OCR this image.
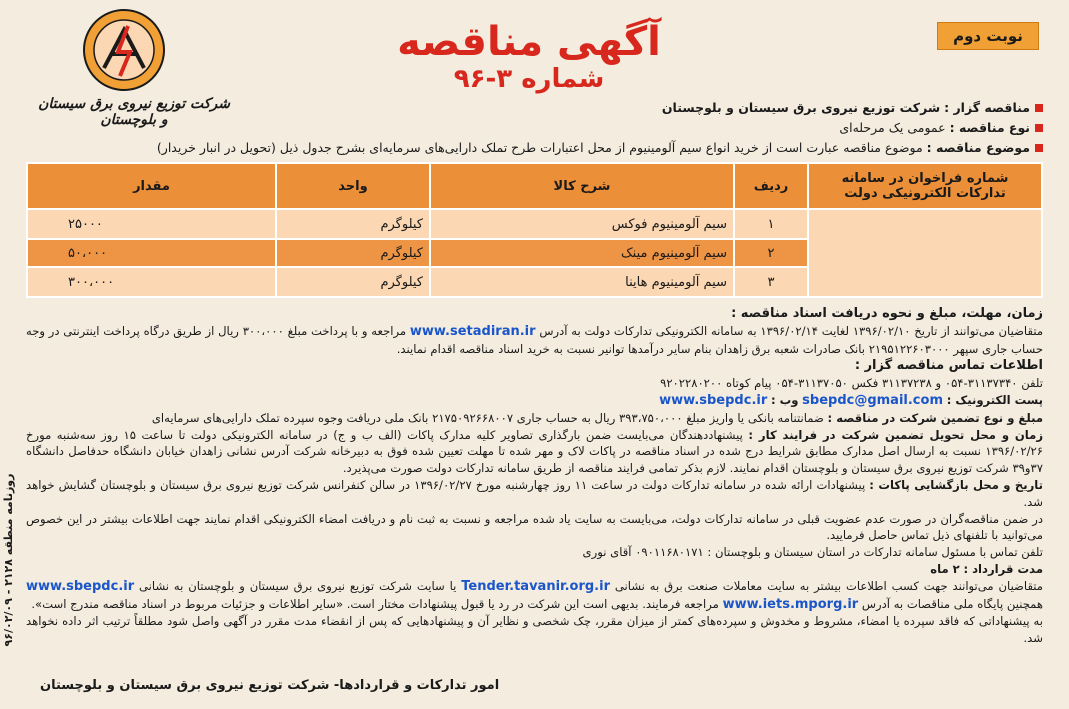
نوبت دوم
آگهی مناقصه
شماره ۳-۹۶
شرکت توزیع نیروی برق سیستان و بلوچستان
مناقصه گزار : شرکت توزیع نیروی برق سیستان و بلوچستان
نوع مناقصه : عمومی یک مرحله‌ای
موضوع مناقصه : موضوع مناقصه عبارت است از خرید انواع سیم آلومینیوم از محل اعتبارات طرح تملک دارایی‌های سرمایه‌ای بشرح جدول ذیل (تحویل در انبار خریدار)
شماره فراخوان در سامانه تدارکات الکترونیکی دولت	ردیف	شرح کالا	واحد	مقدار
	۱	سیم آلومینیوم فوکس	کیلوگرم	۲۵۰۰۰
	۲	سیم آلومینیوم مینک	کیلوگرم	۵۰،۰۰۰
	۳	سیم آلومینیوم هاینا	کیلوگرم	۳۰۰،۰۰۰

زمان، مهلت، مبلغ و نحوه دریافت اسناد مناقصه :

متقاضیان می‌توانند از تاریخ ۱۳۹۶/۰۲/۱۰ لغایت ۱۳۹۶/۰۲/۱۴ به سامانه الکترونیکی تدارکات دولت به آدرس www.setadiran.ir مراجعه و با پرداخت مبلغ ۳۰۰،۰۰۰ ریال از طریق درگاه پرداخت اینترنتی در وجه حساب جاری سپهر ۲۱۹۵۱۲۲۶۰۳۰۰۰ بانک صادرات شعبه برق زاهدان بنام سایر درآمدها توانیر نسبت به خرید اسناد مناقصه اقدام نمایند.

اطلاعات تماس مناقصه گزار :

تلفن ۳۱۱۳۷۳۴۰-۰۵۴ و ۳۱۱۳۷۲۳۸ فکس ۳۱۱۳۷۰۵۰-۰۵۴ پیام کوتاه ۹۲۰۲۲۸۰۲۰۰

پست الکترونیک : sbepdc@gmail.com وب : www.sbepdc.ir

مبلغ و نوع تضمین شرکت در مناقصه : ضمانتنامه بانکی یا واریز مبلغ ۳۹۳،۷۵۰،۰۰۰ ریال به حساب جاری ۲۱۷۵۰۹۲۶۶۸۰۰۷ بانک ملی دریافت وجوه سپرده تملک دارایی‌های سرمایه‌ای

زمان و محل تحویل تضمین شرکت در فرایند کار : پیشنهاددهندگان می‌بایست ضمن بارگذاری تصاویر کلیه مدارک پاکات (الف ب و ج) در سامانه الکترونیکی دولت تا ساعت ۱۵ روز سه‌شنبه مورخ ۱۳۹۶/۰۲/۲۶ نسبت به ارسال اصل مدارک مطابق شرایط درج شده در اسناد مناقصه در پاکات لاک و مهر شده تا مهلت تعیین شده فوق به دبیرخانه شرکت آدرس نشانی زاهدان خیابان دانشگاه حدفاصل دانشگاه ۳۷و۳۹ شرکت توزیع نیروی برق سیستان و بلوچستان اقدام نمایند. لازم بذکر تمامی فرایند مناقصه از طریق سامانه تدارکات دولت صورت می‌پذیرد.

تاریخ و محل بازگشایی پاکات : پیشنهادات ارائه شده در سامانه تدارکات دولت در ساعت ۱۱ روز چهارشنبه مورخ ۱۳۹۶/۰۲/۲۷ در سالن کنفرانس شرکت توزیع نیروی برق سیستان و بلوچستان گشایش خواهد شد.

در ضمن مناقصه‌گران در صورت عدم عضویت قبلی در سامانه تدارکات دولت، می‌بایست به سایت یاد شده مراجعه و نسبت به ثبت نام و دریافت امضاء الکترونیکی اقدام نمایند جهت اطلاعات بیشتر در این خصوص می‌توانید با تلفنهای ذیل تماس حاصل فرمایید.

تلفن تماس با مسئول سامانه تدارکات در استان سیستان و بلوچستان : ۰۹۰۱۱۶۸۰۱۷۱ آقای نوری

مدت قرارداد : ۲ ماه

متقاضیان می‌توانند جهت کسب اطلاعات بیشتر به سایت معاملات صنعت برق به نشانی Tender.tavanir.org.ir یا سایت شرکت توزیع نیروی برق سیستان و بلوچستان به نشانی www.sbepdc.ir همچنین پایگاه ملی مناقصات به آدرس www.iets.mporg.ir مراجعه فرمایند. بدیهی است این شرکت در رد یا قبول پیشنهادات مختار است. «سایر اطلاعات و جزئیات مربوط در اسناد مناقصه مندرج است».

به پیشنهاداتی که فاقد سپرده یا امضاء، مشروط و مخدوش و سپرده‌های کمتر از میزان مقرر، چک شخصی و نظایر آن و پیشنهادهایی که پس از انقضاء مدت مقرر در آگهی واصل شود مطلقاً ترتیب اثر داده نخواهد شد.

امور تدارکات و قراردادها- شرکت توزیع نیروی برق سیستان و بلوچستان
روزنامه منطقه ۲۱۲۸ - ۹۶/۰۲/۰۹
